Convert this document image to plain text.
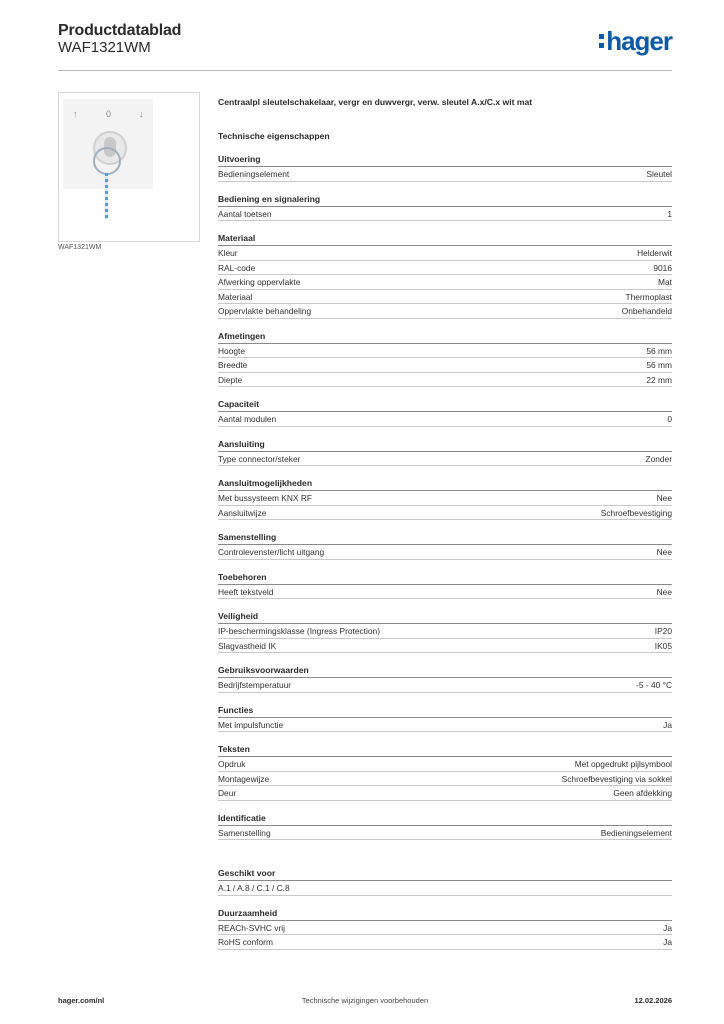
Productdatablad
WAF1321WM	hager
↑	0	↓
WAF1321WM
Centraalpl sleutelschakelaar, vergr en duwvergr, verw. sleutel A.x/C.x wit mat
Technische eigenschappen
Uitvoering
Bedieningselement	Sleutel
Bediening en signalering
Aantal toetsen	1
Materiaal
Kleur	Helderwit
RAL-code	9016
Afwerking oppervlakte	Mat
Materiaal	Thermoplast
Oppervlakte behandeling	Onbehandeld
Afmetingen
Hoogte	56 mm
Breedte	56 mm
Diepte	22 mm
Capaciteit
Aantal modulen	0
Aansluiting
Type connector/steker	Zonder
Aansluitmogelijkheden
Met bussysteem KNX RF	Nee
Aansluitwijze	Schroefbevestiging
Samenstelling
Controlevenster/licht uitgang	Nee
Toebehoren
Heeft tekstveld	Nee
Veiligheid
IP-beschermingsklasse (Ingress Protection)	IP20
Slagvastheid IK	IK05
Gebruiksvoorwaarden
Bedrijfstemperatuur	-5 - 40 °C
Functies
Met impulsfunctie	Ja
Teksten
Opdruk	Met opgedrukt pijlsymbool
Montagewijze	Schroefbevestiging via sokkel
Deur	Geen afdekking
Identificatie
Samenstelling	Bedieningselement
Geschikt voor
A.1 / A.8 / C.1 / C.8
Duurzaamheid
REACh-SVHC vrij	Ja
RoHS conform	Ja
hager.com/nl	Technische wijzigingen voorbehouden	12.02.2026
